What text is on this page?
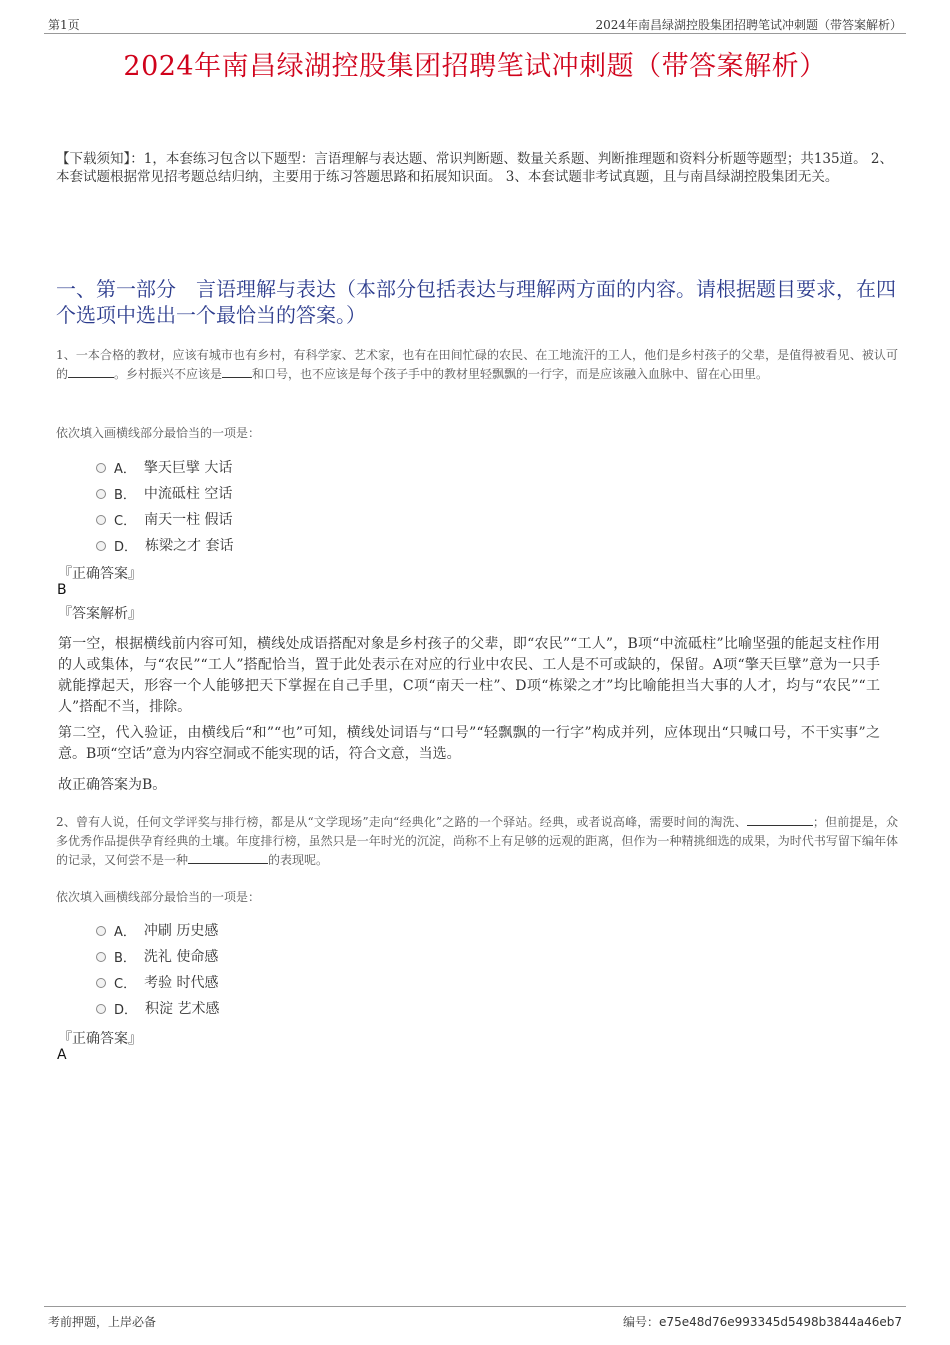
第1页	2024年南昌绿湖控股集团招聘笔试冲刺题（带答案解析）
2024年南昌绿湖控股集团招聘笔试冲刺题（带答案解析）
【下载须知】：1，本套练习包含以下题型：言语理解与表达题、常识判断题、数量关系题、判断推理题和资料分析题等题型；共135道。 2、本套试题根据常见招考题总结归纳，主要用于练习答题思路和拓展知识面。 3、本套试题非考试真题，且与南昌绿湖控股集团无关。
一、第一部分　言语理解与表达（本部分包括表达与理解两方面的内容。请根据题目要求，在四个选项中选出一个最恰当的答案。）
1、一本合格的教材，应该有城市也有乡村，有科学家、艺术家，也有在田间忙碌的农民、在工地流汗的工人，他们是乡村孩子的父辈，是值得被看见、被认可的	。乡村振兴不应该是	和口号，也不应该是每个孩子手中的教材里轻飘飘的一行字，而是应该融入血脉中、留在心田里。
依次填入画横线部分最恰当的一项是：
A． 擎天巨擘 大话
B． 中流砥柱 空话
C． 南天一柱 假话
D． 栋梁之才 套话
『正确答案』
B
『答案解析』
第一空，根据横线前内容可知，横线处成语搭配对象是乡村孩子的父辈，即“农民”“工人”，B项“中流砥柱”比喻坚强的能起支柱作用的人或集体，与“农民”“工人”搭配恰当，置于此处表示在对应的行业中农民、工人是不可或缺的，保留。A项“擎天巨擘”意为一只手就能撑起天，形容一个人能够把天下掌握在自己手里，C项“南天一柱”、D项“栋梁之才”均比喻能担当大事的人才，均与“农民”“工人”搭配不当，排除。
第二空，代入验证，由横线后“和”“也”可知，横线处词语与“口号”“轻飘飘的一行字”构成并列，应体现出“只喊口号，不干实事”之意。B项“空话”意为内容空洞或不能实现的话，符合文意，当选。
故正确答案为B。
2、曾有人说，任何文学评奖与排行榜，都是从“文学现场”走向“经典化”之路的一个驿站。经典，或者说高峰，需要时间的淘洗、	；但前提是，众多优秀作品提供孕育经典的土壤。年度排行榜，虽然只是一年时光的沉淀，尚称不上有足够的远观的距离，但作为一种精挑细选的成果，为时代书写留下编年体的记录，又何尝不是一种	的表现呢。
依次填入画横线部分最恰当的一项是：
A． 冲刷 历史感
B． 洗礼 使命感
C． 考验 时代感
D． 积淀 艺术感
『正确答案』
A
考前押题，上岸必备	编号：e75e48d76e993345d5498b3844a46eb7
